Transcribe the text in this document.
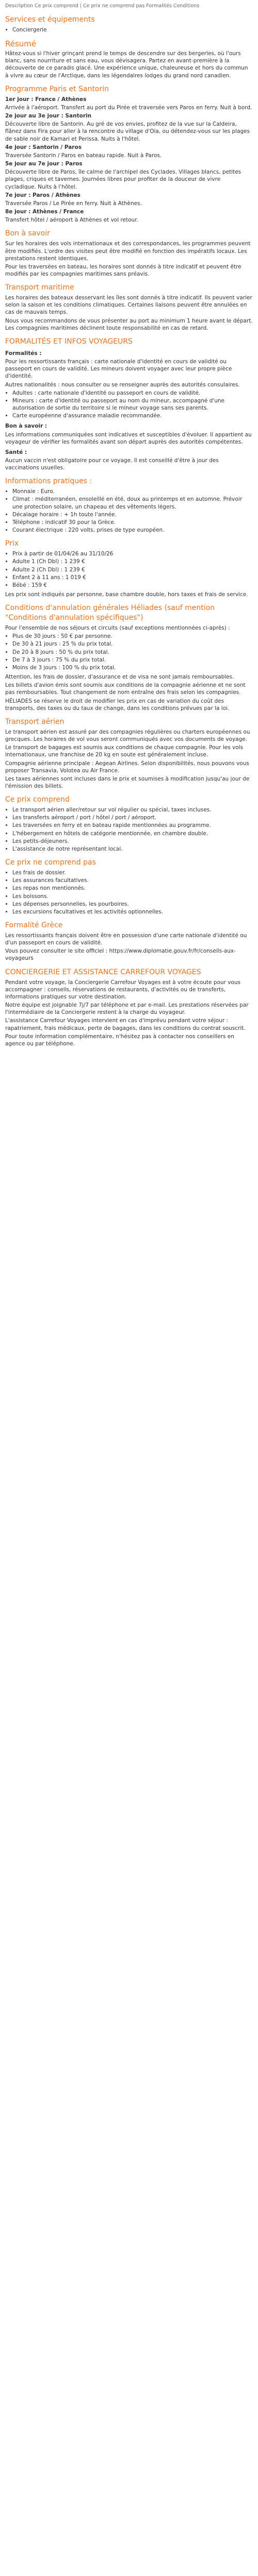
Description Ce prix comprend | Ce prix ne comprend pas Formalités Conditions

Services et équipements
• Conciergerie
Résumé

Hâtez-vous si l'hiver grinçant prend le temps de descendre sur des bergeries, où l'ours blanc, sans nourriture et sans eau, vous dévisagera. Partez en avant-première à la découverte de ce paradis glacé. Une expérience unique, chaleureuse et hors du commun à vivre au cœur de l'Arctique, dans les légendaires lodges du grand nord canadien.

Programme Paris et Santorin

1er jour : France / Athènes

Arrivée à l'aéroport. Transfert au port du Pirée et traversée vers Paros en ferry. Nuit à bord.

2e jour au 3e jour : Santorin

Découverte libre de Santorin. Au gré de vos envies, profitez de la vue sur la Caldeira, flânez dans Fira pour aller à la rencontre du village d'Oia, ou détendez-vous sur les plages de sable noir de Kamari et Perissa. Nuits à l'hôtel.

4e jour : Santorin / Paros

Traversée Santorin / Paros en bateau rapide. Nuit à Paros.

5e jour au 7e jour : Paros

Découverte libre de Paros, île calme de l'archipel des Cyclades. Villages blancs, petites plages, criques et tavernes. Journées libres pour profiter de la douceur de vivre cycladique. Nuits à l'hôtel.

7e jour : Paros / Athènes

Traversée Paros / Le Pirée en ferry. Nuit à Athènes.

8e jour : Athènes / France

Transfert hôtel / aéroport à Athènes et vol retour.

Bon à savoir

Sur les horaires des vols internationaux et des correspondances, les programmes peuvent être modifiés. L'ordre des visites peut être modifié en fonction des impératifs locaux. Les prestations restent identiques.

Pour les traversées en bateau, les horaires sont donnés à titre indicatif et peuvent être modifiés par les compagnies maritimes sans préavis.

Transport maritime

Les horaires des bateaux desservant les îles sont donnés à titre indicatif. Ils peuvent varier selon la saison et les conditions climatiques. Certaines liaisons peuvent être annulées en cas de mauvais temps.

Nous vous recommandons de vous présenter au port au minimum 1 heure avant le départ. Les compagnies maritimes déclinent toute responsabilité en cas de retard.

FORMALITÉS ET INFOS VOYAGEURS

Formalités :

Pour les ressortissants français : carte nationale d'identité en cours de validité ou passeport en cours de validité. Les mineurs doivent voyager avec leur propre pièce d'identité.

Autres nationalités : nous consulter ou se renseigner auprès des autorités consulaires.

• Adultes : carte nationale d'identité ou passeport en cours de validité.
• Mineurs : carte d'identité ou passeport au nom du mineur, accompagné d'une autorisation de sortie du territoire si le mineur voyage sans ses parents.
• Carte européenne d'assurance maladie recommandée.

Bon à savoir :

Les informations communiquées sont indicatives et susceptibles d'évoluer. Il appartient au voyageur de vérifier les formalités avant son départ auprès des autorités compétentes.

Santé :

Aucun vaccin n'est obligatoire pour ce voyage. Il est conseillé d'être à jour des vaccinations usuelles.

Informations pratiques :
• Monnaie : Euro.
• Climat : méditerranéen, ensoleillé en été, doux au printemps et en automne. Prévoir une protection solaire, un chapeau et des vêtements légers.
• Décalage horaire : + 1h toute l'année.
• Téléphone : indicatif 30 pour la Grèce.
• Courant électrique : 220 volts, prises de type européen.
Prix
• Prix à partir de 01/04/26 au 31/10/26
• Adulte 1 (Ch Dbl) : 1 239 €
• Adulte 2 (Ch Dbl) : 1 239 €
• Enfant 2 à 11 ans : 1 019 €
• Bébé : 159 €

Les prix sont indiqués par personne, base chambre double, hors taxes et frais de service.

Conditions d'annulation générales Héliades (sauf mention "Conditions d'annulation spécifiques")

Pour l'ensemble de nos séjours et circuits (sauf exceptions mentionnées ci-après) :

• Plus de 30 jours : 50 € par personne.
• De 30 à 21 jours : 25 % du prix total.
• De 20 à 8 jours : 50 % du prix total.
• De 7 à 3 jours : 75 % du prix total.
• Moins de 3 jours : 100 % du prix total.

Attention, les frais de dossier, d'assurance et de visa ne sont jamais remboursables.

Les billets d'avion émis sont soumis aux conditions de la compagnie aérienne et ne sont pas remboursables. Tout changement de nom entraîne des frais selon les compagnies.

HÉLIADES se réserve le droit de modifier les prix en cas de variation du coût des transports, des taxes ou du taux de change, dans les conditions prévues par la loi.

Transport aérien

Le transport aérien est assuré par des compagnies régulières ou charters européennes ou grecques. Les horaires de vol vous seront communiqués avec vos documents de voyage.

Le transport de bagages est soumis aux conditions de chaque compagnie. Pour les vols internationaux, une franchise de 20 kg en soute est généralement incluse.

Compagnie aérienne principale : Aegean Airlines. Selon disponibilités, nous pouvons vous proposer Transavia, Volotea ou Air France.

Les taxes aériennes sont incluses dans le prix et soumises à modification jusqu'au jour de l'émission des billets.

Ce prix comprend
• Le transport aérien aller/retour sur vol régulier ou spécial, taxes incluses.
• Les transferts aéroport / port / hôtel / port / aéroport.
• Les traversées en ferry et en bateau rapide mentionnées au programme.
• L'hébergement en hôtels de catégorie mentionnée, en chambre double.
• Les petits-déjeuners.
• L'assistance de notre représentant local.
Ce prix ne comprend pas
• Les frais de dossier.
• Les assurances facultatives.
• Les repas non mentionnés.
• Les boissons.
• Les dépenses personnelles, les pourboires.
• Les excursions facultatives et les activités optionnelles.
Formalité Grèce

Les ressortissants français doivent être en possession d'une carte nationale d'identité ou d'un passeport en cours de validité.

Vous pouvez consulter le site officiel : https://www.diplomatie.gouv.fr/fr/conseils-aux-voyageurs

CONCIERGERIE ET ASSISTANCE CARREFOUR VOYAGES

Pendant votre voyage, la Conciergerie Carrefour Voyages est à votre écoute pour vous accompagner : conseils, réservations de restaurants, d'activités ou de transferts, informations pratiques sur votre destination.

Notre équipe est joignable 7j/7 par téléphone et par e-mail. Les prestations réservées par l'intermédiaire de la Conciergerie restent à la charge du voyageur.

L'assistance Carrefour Voyages intervient en cas d'imprévu pendant votre séjour : rapatriement, frais médicaux, perte de bagages, dans les conditions du contrat souscrit.

Pour toute information complémentaire, n'hésitez pas à contacter nos conseillers en agence ou par téléphone.
